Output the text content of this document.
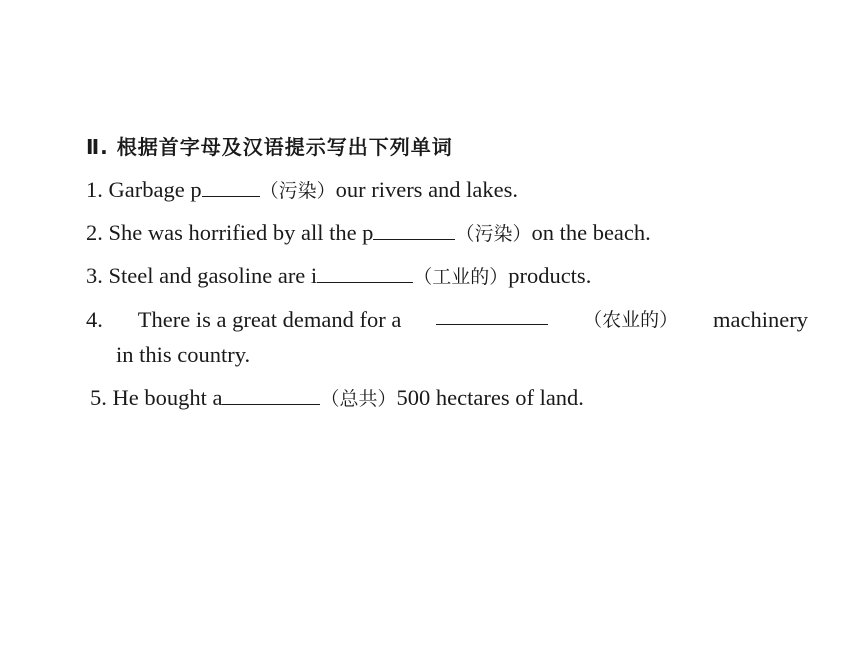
Ⅱ. 根据首字母及汉语提示写出下列单词
1. Garbage p	（污染）our rivers and lakes.
2. She was horrified by all the p	（污染）on the beach.
3. Steel and gasoline are i	（工业的）products.
4. There is a great demand for a	（农业的） machinery
in this country.
5. He bought a	（总共）500 hectares of land.
